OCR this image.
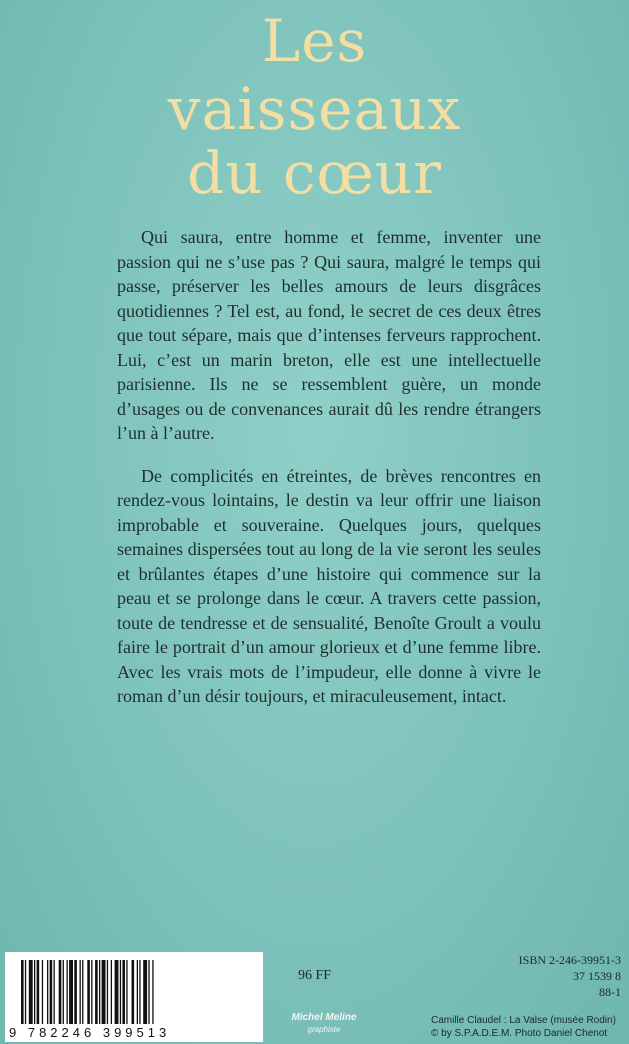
Les
vaisseaux
du cœur

Qui saura, entre homme et femme, inventer une passion qui ne s’use pas ? Qui saura, malgré le temps qui passe, préserver les belles amours de leurs disgrâces quotidiennes ? Tel est, au fond, le secret de ces deux êtres que tout sépare, mais que d’intenses ferveurs rapprochent. Lui, c’est un marin breton, elle est une intellectuelle parisienne. Ils ne se ressemblent guère, un monde d’usages ou de convenances aurait dû les rendre étrangers l’un à l’autre.

De complicités en étreintes, de brèves rencontres en rendez-vous lointains, le destin va leur offrir une liaison improbable et souveraine. Quelques jours, quelques semaines dispersées tout au long de la vie seront les seules et brûlantes étapes d’une histoire qui commence sur la peau et se prolonge dans le cœur. A travers cette passion, toute de tendresse et de sensualité, Benoîte Groult a voulu faire le portrait d’un amour glorieux et d’une femme libre. Avec les vrais mots de l’impudeur, elle donne à vivre le roman d’un désir toujours, et miraculeusement, intact.

9 782246 399513
96 FF
ISBN 2-246-39951-3
37 1539 8
88-1
Michel Meline
graphiste
Camille Claudel : La Valse (musée Rodin)
© by S.P.A.D.E.M. Photo Daniel Chenot
